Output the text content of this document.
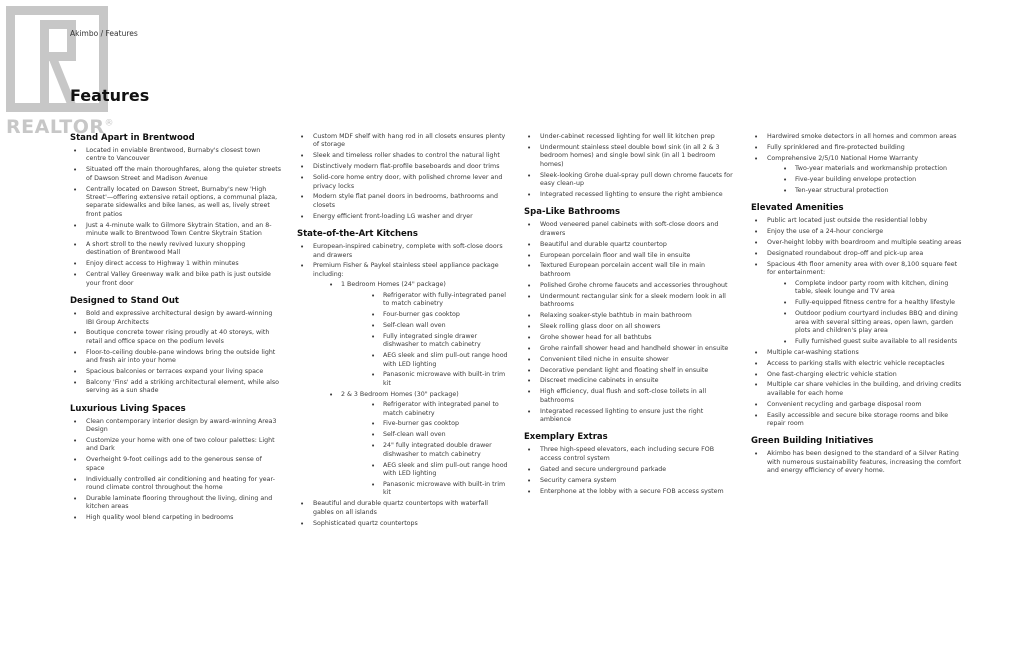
REALTOR®
Akimbo / Features
Features
Stand Apart in Brentwood
• Located in enviable Brentwood, Burnaby's closest town centre to Vancouver
• Situated off the main thoroughfares, along the quieter streets of Dawson Street and Madison Avenue
• Centrally located on Dawson Street, Burnaby's new 'High Street'—offering extensive retail options, a communal plaza, separate sidewalks and bike lanes, as well as, lively street front patios
• Just a 4-minute walk to Gilmore Skytrain Station, and an 8-minute walk to Brentwood Town Centre Skytrain Station
• A short stroll to the newly revived luxury shopping destination of Brentwood Mall
• Enjoy direct access to Highway 1 within minutes
• Central Valley Greenway walk and bike path is just outside your front door
Designed to Stand Out
• Bold and expressive architectural design by award-winning IBI Group Architects
• Boutique concrete tower rising proudly at 40 storeys, with retail and office space on the podium levels
• Floor-to-ceiling double-pane windows bring the outside light and fresh air into your home
• Spacious balconies or terraces expand your living space
• Balcony 'Fins' add a striking architectural element, while also serving as a sun shade
Luxurious Living Spaces
• Clean contemporary interior design by award-winning Area3 Design
• Customize your home with one of two colour palettes: Light and Dark
• Overheight 9-foot ceilings add to the generous sense of space
• Individually controlled air conditioning and heating for year-round climate control throughout the home
• Durable laminate flooring throughout the living, dining and kitchen areas
• High quality wool blend carpeting in bedrooms
• Custom MDF shelf with hang rod in all closets ensures plenty of storage
• Sleek and timeless roller shades to control the natural light
• Distinctively modern flat-profile baseboards and door trims
• Solid-core home entry door, with polished chrome lever and privacy locks
• Modern style flat panel doors in bedrooms, bathrooms and closets
• Energy efficient front-loading LG washer and dryer
State-of-the-Art Kitchens
• European-inspired cabinetry, complete with soft-close doors and drawers
• Premium Fisher & Paykel stainless steel appliance package including:
• 1 Bedroom Homes (24" package)
• Refrigerator with fully-integrated panel to match cabinetry
• Four-burner gas cooktop
• Self-clean wall oven
• Fully integrated single drawer dishwasher to match cabinetry
• AEG sleek and slim pull-out range hood with LED lighting
• Panasonic microwave with built-in trim kit
• 2 & 3 Bedroom Homes (30" package)
• Refrigerator with integrated panel to match cabinetry
• Five-burner gas cooktop
• Self-clean wall oven
• 24" fully integrated double drawer dishwasher to match cabinetry
• AEG sleek and slim pull-out range hood with LED lighting
• Panasonic microwave with built-in trim kit
• Beautiful and durable quartz countertops with waterfall gables on all islands
• Sophisticated quartz countertops
• Under-cabinet recessed lighting for well lit kitchen prep
• Undermount stainless steel double bowl sink (in all 2 & 3 bedroom homes) and single bowl sink (in all 1 bedroom homes)
• Sleek-looking Grohe dual-spray pull down chrome faucets for easy clean-up
• Integrated recessed lighting to ensure the right ambience
Spa-Like Bathrooms
• Wood veneered panel cabinets with soft-close doors and drawers
• Beautiful and durable quartz countertop
• European porcelain floor and wall tile in ensuite
• Textured European porcelain accent wall tile in main bathroom
• Polished Grohe chrome faucets and accessories throughout
• Undermount rectangular sink for a sleek modern look in all bathrooms
• Relaxing soaker-style bathtub in main bathroom
• Sleek rolling glass door on all showers
• Grohe shower head for all bathtubs
• Grohe rainfall shower head and handheld shower in ensuite
• Convenient tiled niche in ensuite shower
• Decorative pendant light and floating shelf in ensuite
• Discreet medicine cabinets in ensuite
• High efficiency, dual flush and soft-close toilets in all bathrooms
• Integrated recessed lighting to ensure just the right ambience
Exemplary Extras
• Three high-speed elevators, each including secure FOB access control system
• Gated and secure underground parkade
• Security camera system
• Enterphone at the lobby with a secure FOB access system
• Hardwired smoke detectors in all homes and common areas
• Fully sprinklered and fire-protected building
• Comprehensive 2/5/10 National Home Warranty
• Two-year materials and workmanship protection
• Five-year building envelope protection
• Ten-year structural protection
Elevated Amenities
• Public art located just outside the residential lobby
• Enjoy the use of a 24-hour concierge
• Over-height lobby with boardroom and multiple seating areas
• Designated roundabout drop-off and pick-up area
• Spacious 4th floor amenity area with over 8,100 square feet for entertainment:
• Complete indoor party room with kitchen, dining table, sleek lounge and TV area
• Fully-equipped fitness centre for a healthy lifestyle
• Outdoor podium courtyard includes BBQ and dining area with several sitting areas, open lawn, garden plots and children's play area
• Fully furnished guest suite available to all residents
• Multiple car-washing stations
• Access to parking stalls with electric vehicle receptacles
• One fast-charging electric vehicle station
• Multiple car share vehicles in the building, and driving credits available for each home
• Convenient recycling and garbage disposal room
• Easily accessible and secure bike storage rooms and bike repair room
Green Building Initiatives
• Akimbo has been designed to the standard of a Silver Rating with numerous sustainability features, increasing the comfort and energy efficiency of every home.
